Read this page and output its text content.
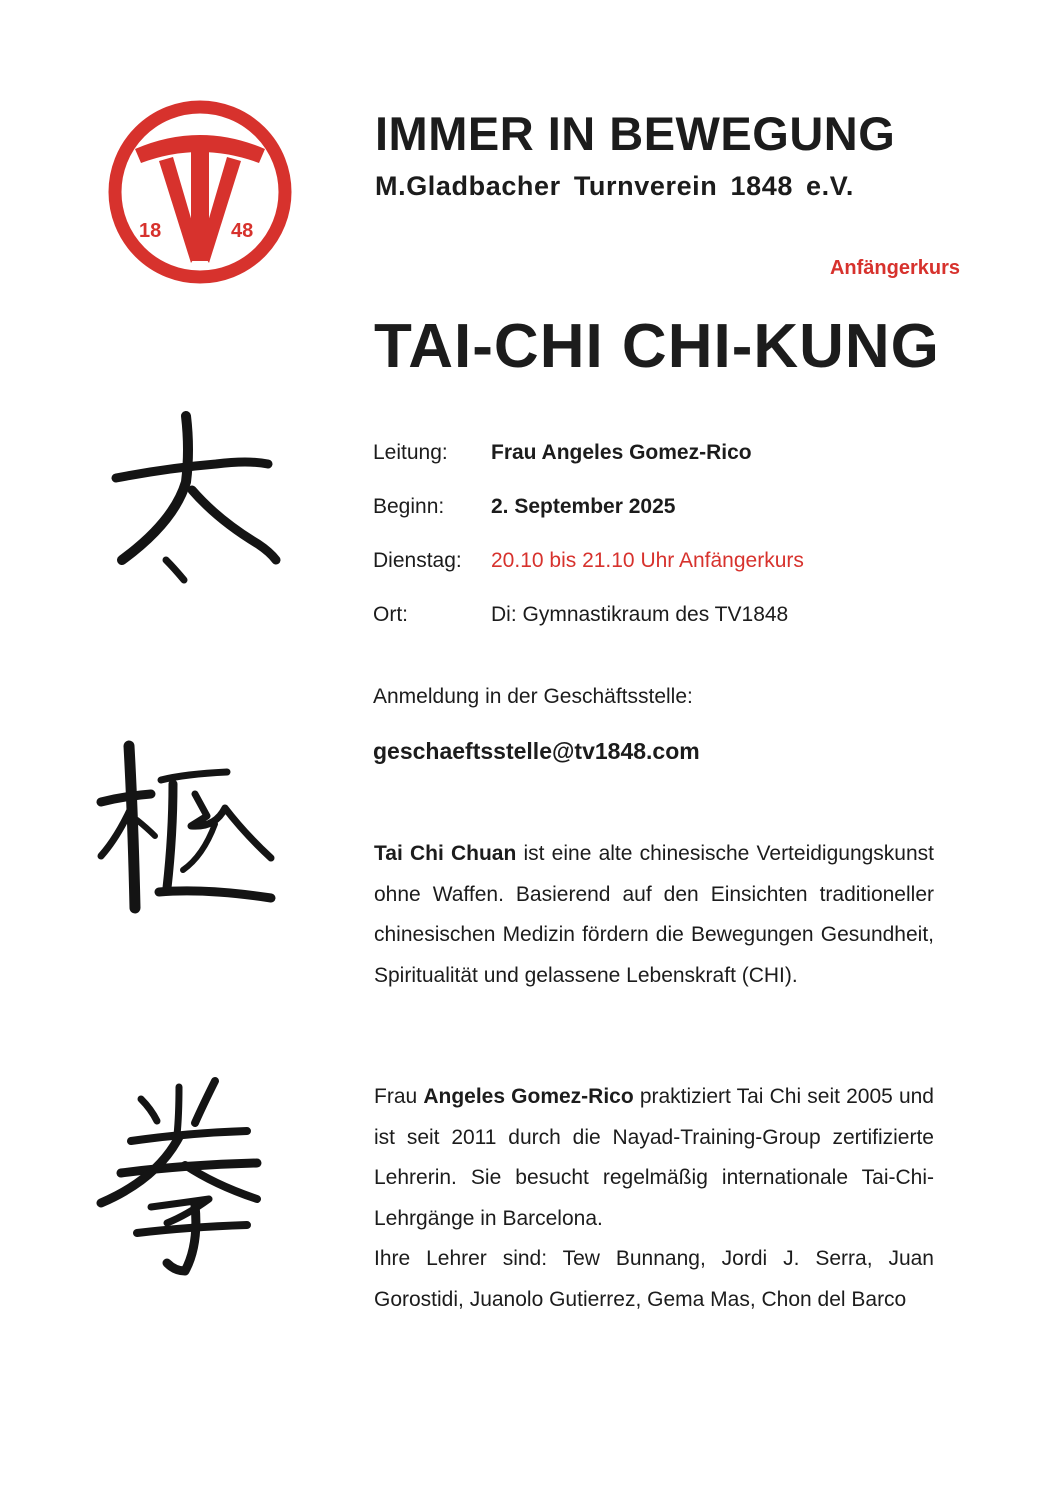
18	48
IMMER IN BEWEGUNG
M.Gladbacher Turnverein 1848 e.V.
Anfängerkurs
TAI-CHI CHI-KUNG
Leitung: Frau Angeles Gomez-Rico
Beginn: 2. September 2025
Dienstag: 20.10 bis 21.10 Uhr Anfängerkurs
Ort:	Di: Gymnastikraum des TV1848
Anmeldung in der Geschäftsstelle:
geschaeftsstelle@tv1848.com
Tai Chi Chuan ist eine alte chinesische Verteidigungskunst ohne Waffen. Basierend auf den Einsichten traditioneller chinesischen Medizin fördern die Bewegungen Gesundheit, Spiritualität und gelassene Lebenskraft (CHI).
Frau Angeles Gomez-Rico praktiziert Tai Chi seit 2005 und ist seit 2011 durch die Nayad-Training-Group zertifizierte Lehrerin. Sie besucht regelmäßig internationale Tai-Chi-Lehrgänge in Barcelona.
Ihre Lehrer sind: Tew Bunnang, Jordi J. Serra, Juan Gorostidi, Juanolo Gutierrez, Gema Mas, Chon del Barco
